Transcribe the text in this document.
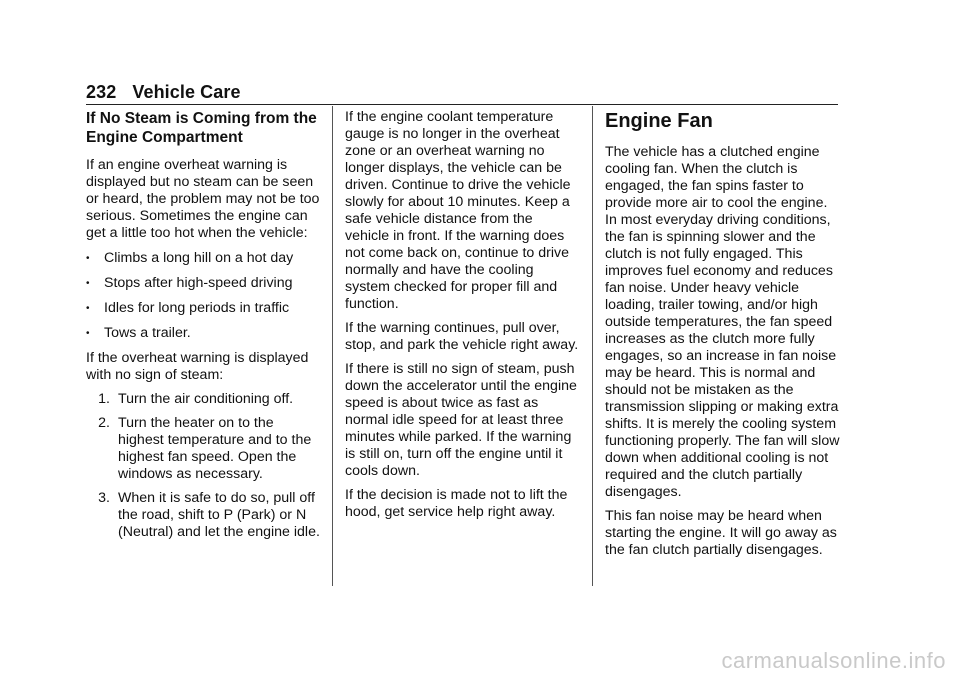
232 Vehicle Care
If No Steam is Coming from the Engine Compartment

If an engine overheat warning is displayed but no steam can be seen or heard, the problem may not be too serious. Sometimes the engine can get a little too hot when the vehicle:

•	Climbs a long hill on a hot day
•	Stops after high-speed driving
•	Idles for long periods in traffic
•	Tows a trailer.

If the overheat warning is displayed with no sign of steam:

1. Turn the air conditioning off.
2. Turn the heater on to the highest temperature and to the highest fan speed. Open the windows as necessary.
3. When it is safe to do so, pull off the road, shift to P (Park) or N (Neutral) and let the engine idle.

If the engine coolant temperature gauge is no longer in the overheat zone or an overheat warning no longer displays, the vehicle can be driven. Continue to drive the vehicle slowly for about 10 minutes. Keep a safe vehicle distance from the vehicle in front. If the warning does not come back on, continue to drive normally and have the cooling system checked for proper fill and function.

If the warning continues, pull over, stop, and park the vehicle right away.

If there is still no sign of steam, push down the accelerator until the engine speed is about twice as fast as normal idle speed for at least three minutes while parked. If the warning is still on, turn off the engine until it cools down.

If the decision is made not to lift the hood, get service help right away.

Engine Fan

The vehicle has a clutched engine cooling fan. When the clutch is engaged, the fan spins faster to provide more air to cool the engine. In most everyday driving conditions, the fan is spinning slower and the clutch is not fully engaged. This improves fuel economy and reduces fan noise. Under heavy vehicle loading, trailer towing, and/or high outside temperatures, the fan speed increases as the clutch more fully engages, so an increase in fan noise may be heard. This is normal and should not be mistaken as the transmission slipping or making extra shifts. It is merely the cooling system functioning properly. The fan will slow down when additional cooling is not required and the clutch partially disengages.

This fan noise may be heard when starting the engine. It will go away as the fan clutch partially disengages.

carmanualsonline.info
